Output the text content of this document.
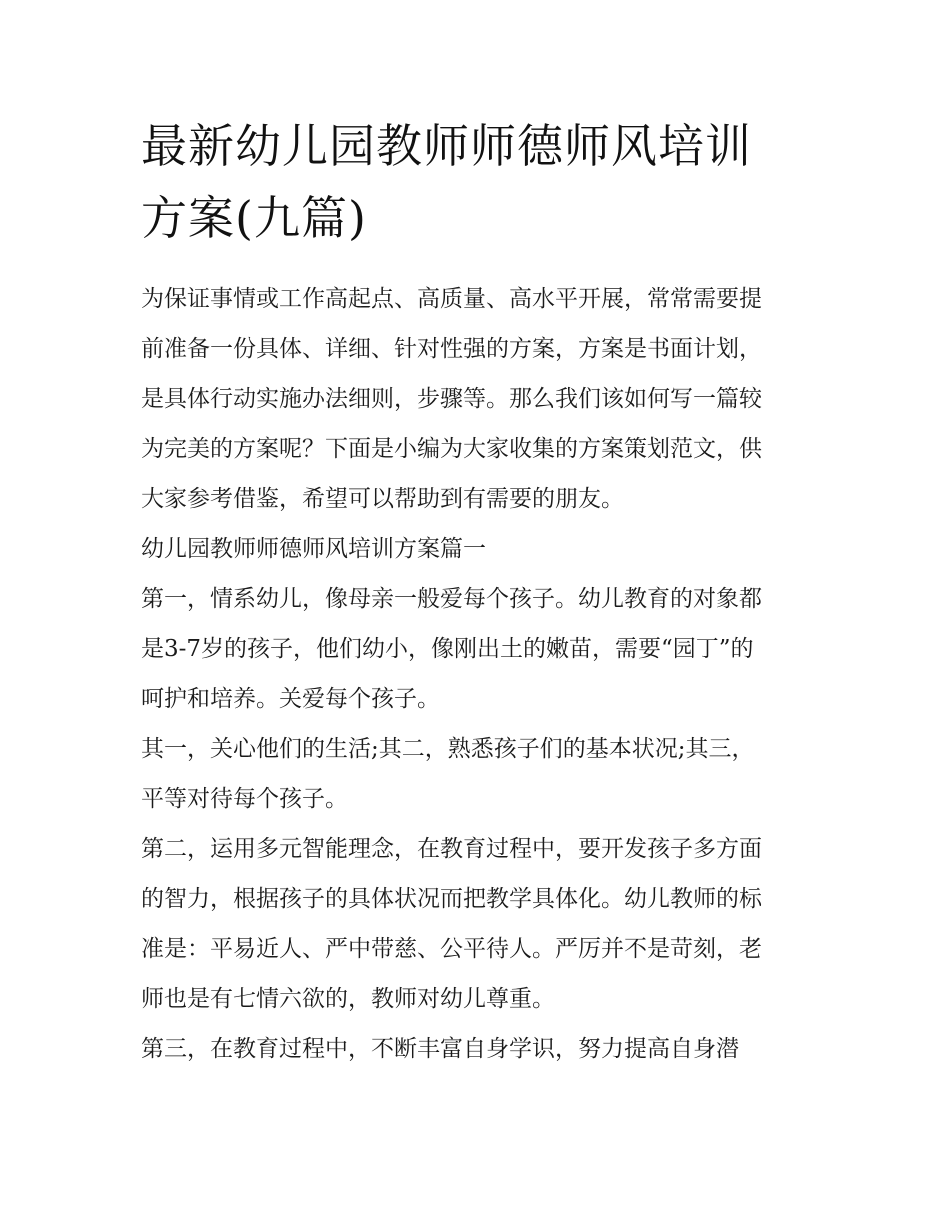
最新幼儿园教师师德师风培训
方案(九篇)

为保证事情或工作高起点、高质量、高水平开展，常常需要提
前准备一份具体、详细、针对性强的方案，方案是书面计划，
是具体行动实施办法细则，步骤等。那么我们该如何写一篇较
为完美的方案呢？下面是小编为大家收集的方案策划范文，供
大家参考借鉴，希望可以帮助到有需要的朋友。

幼儿园教师师德师风培训方案篇一

第一，情系幼儿，像母亲一般爱每个孩子。幼儿教育的对象都
是3-7岁的孩子，他们幼小，像刚出土的嫩苗，需要“园丁”的
呵护和培养。关爱每个孩子。

其一，关心他们的生活;其二，熟悉孩子们的基本状况;其三，
平等对待每个孩子。

第二，运用多元智能理念，在教育过程中，要开发孩子多方面
的智力，根据孩子的具体状况而把教学具体化。幼儿教师的标
准是：平易近人、严中带慈、公平待人。严厉并不是苛刻，老
师也是有七情六欲的，教师对幼儿尊重。

第三，在教育过程中，不断丰富自身学识，努力提高自身潜
